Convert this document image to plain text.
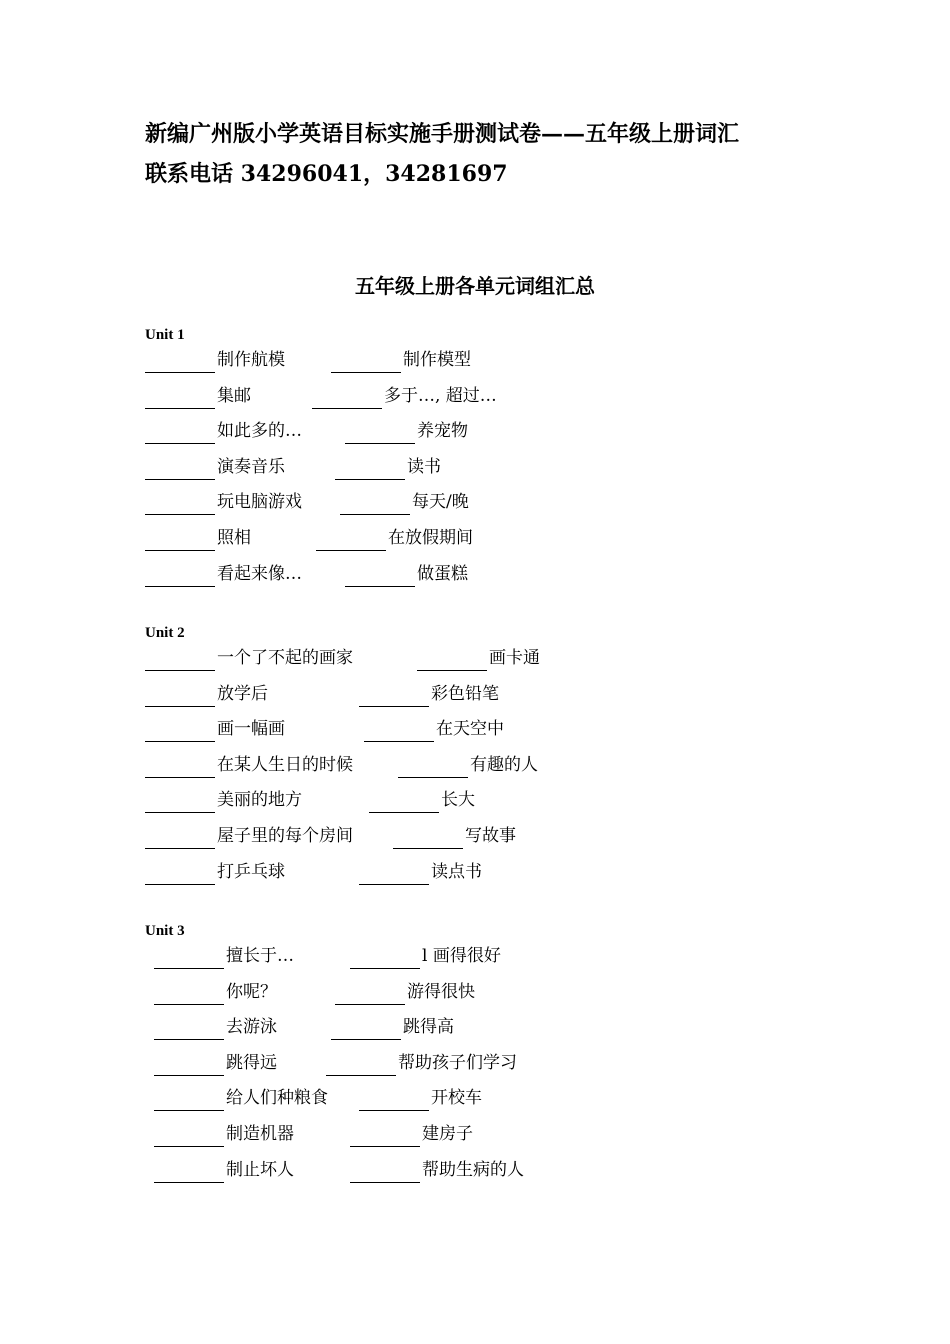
新编广州版小学英语目标实施手册测试卷——五年级上册词汇
联系电话 34296041，34281697
五年级上册各单元词组汇总
Unit 1
制作航模	制作模型
集邮	多于…, 超过…
如此多的…	养宠物
演奏音乐	读书
玩电脑游戏	每天/晚
照相	在放假期间
看起来像…	做蛋糕
Unit 2
一个了不起的画家	画卡通
放学后	彩色铅笔
画一幅画	在天空中
在某人生日的时候	有趣的人
美丽的地方	长大
屋子里的每个房间	写故事
打乒乓球	读点书
Unit 3
擅长于…	l 画得很好
你呢？	游得很快
去游泳	跳得高
跳得远	帮助孩子们学习
给人们种粮食	开校车
制造机器	建房子
制止坏人	帮助生病的人
